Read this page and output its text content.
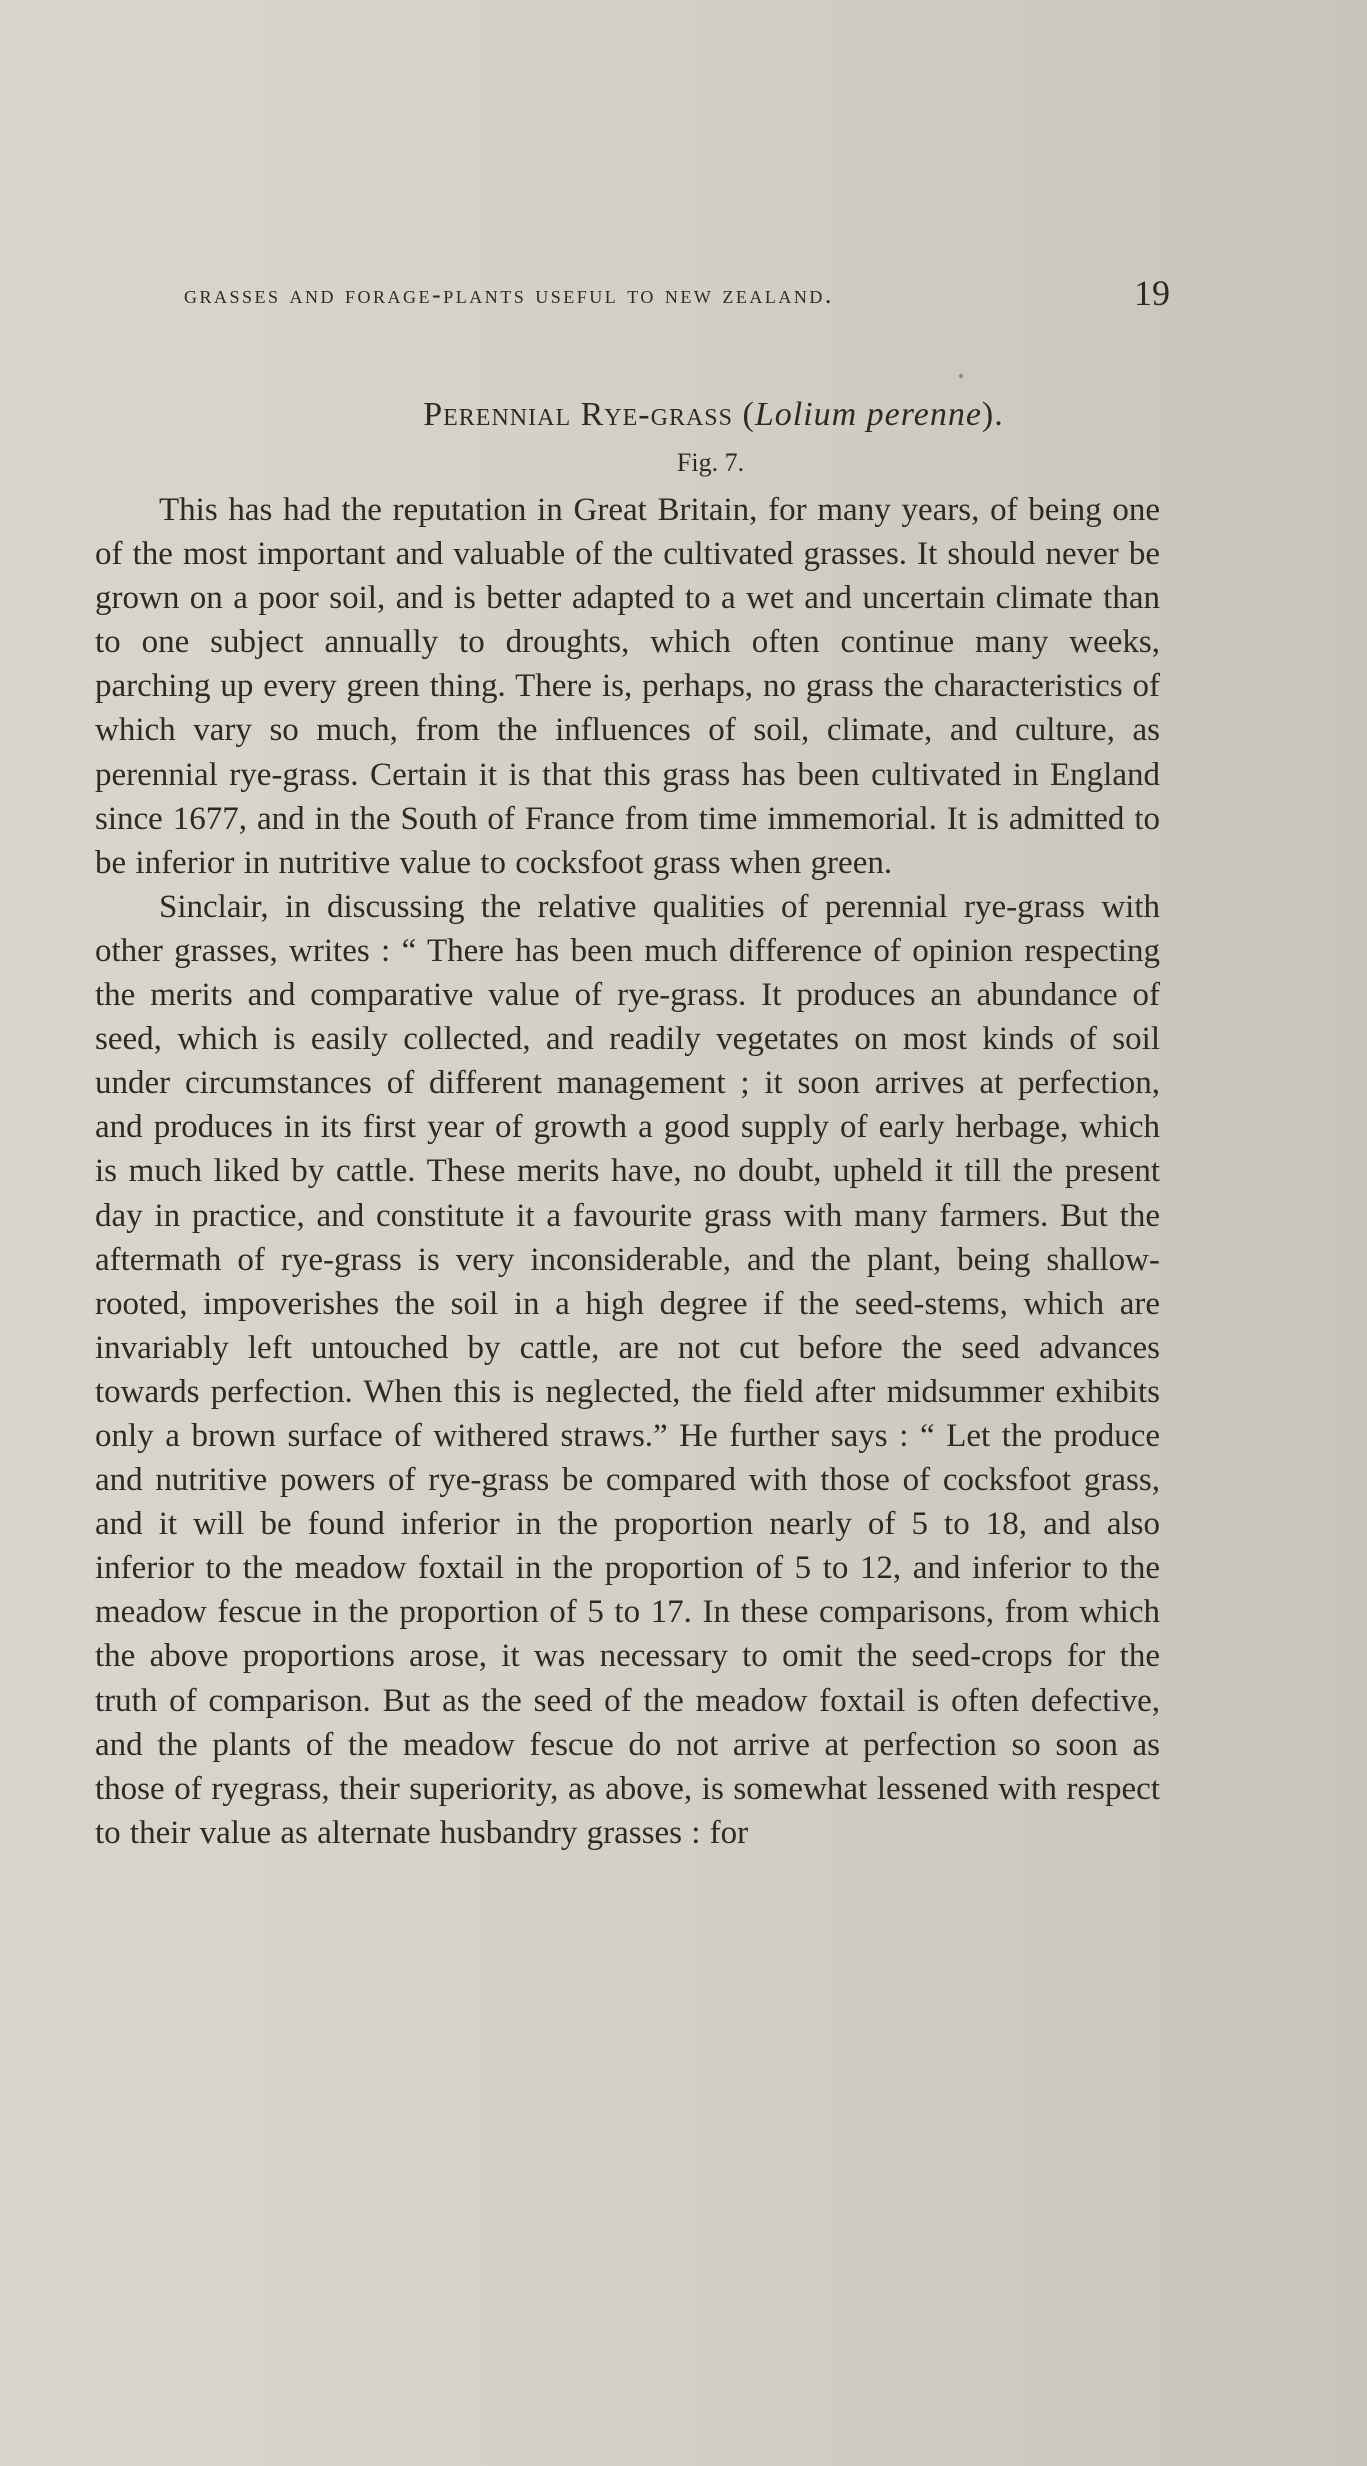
grasses and forage-plants useful to new zealand.	19
Perennial Rye-grass (Lolium perenne).
Fig. 7.

This has had the reputation in Great Britain, for many years, of being one of the most important and valuable of the cultivated grasses. It should never be grown on a poor soil, and is better adapted to a wet and uncertain climate than to one subject annually to droughts, which often continue many weeks, parching up every green thing. There is, perhaps, no grass the characteristics of which vary so much, from the influences of soil, climate, and culture, as perennial rye-grass. Certain it is that this grass has been cultivated in England since 1677, and in the South of France from time immemorial. It is admitted to be inferior in nutritive value to cocksfoot grass when green.

Sinclair, in discussing the relative qualities of perennial rye-grass with other grasses, writes : “ There has been much difference of opinion respecting the merits and comparative value of rye-grass. It produces an abundance of seed, which is easily collected, and readily vegetates on most kinds of soil under circumstances of different management ; it soon arrives at perfection, and produces in its first year of growth a good supply of early herbage, which is much liked by cattle. These merits have, no doubt, upheld it till the present day in practice, and constitute it a favourite grass with many farmers. But the aftermath of rye-grass is very inconsiderable, and the plant, being shallow-rooted, impoverishes the soil in a high degree if the seed-stems, which are invariably left untouched by cattle, are not cut before the seed advances towards perfection. When this is neglected, the field after midsummer exhibits only a brown surface of withered straws.” He further says : “ Let the produce and nutritive powers of rye-grass be compared with those of cocksfoot grass, and it will be found inferior in the proportion nearly of 5 to 18, and also inferior to the meadow foxtail in the proportion of 5 to 12, and inferior to the meadow fescue in the proportion of 5 to 17. In these comparisons, from which the above proportions arose, it was necessary to omit the seed-crops for the truth of comparison. But as the seed of the meadow foxtail is often defective, and the plants of the meadow fescue do not arrive at perfection so soon as those of ryegrass, their superiority, as above, is somewhat lessened with respect to their value as alternate husbandry grasses : for
